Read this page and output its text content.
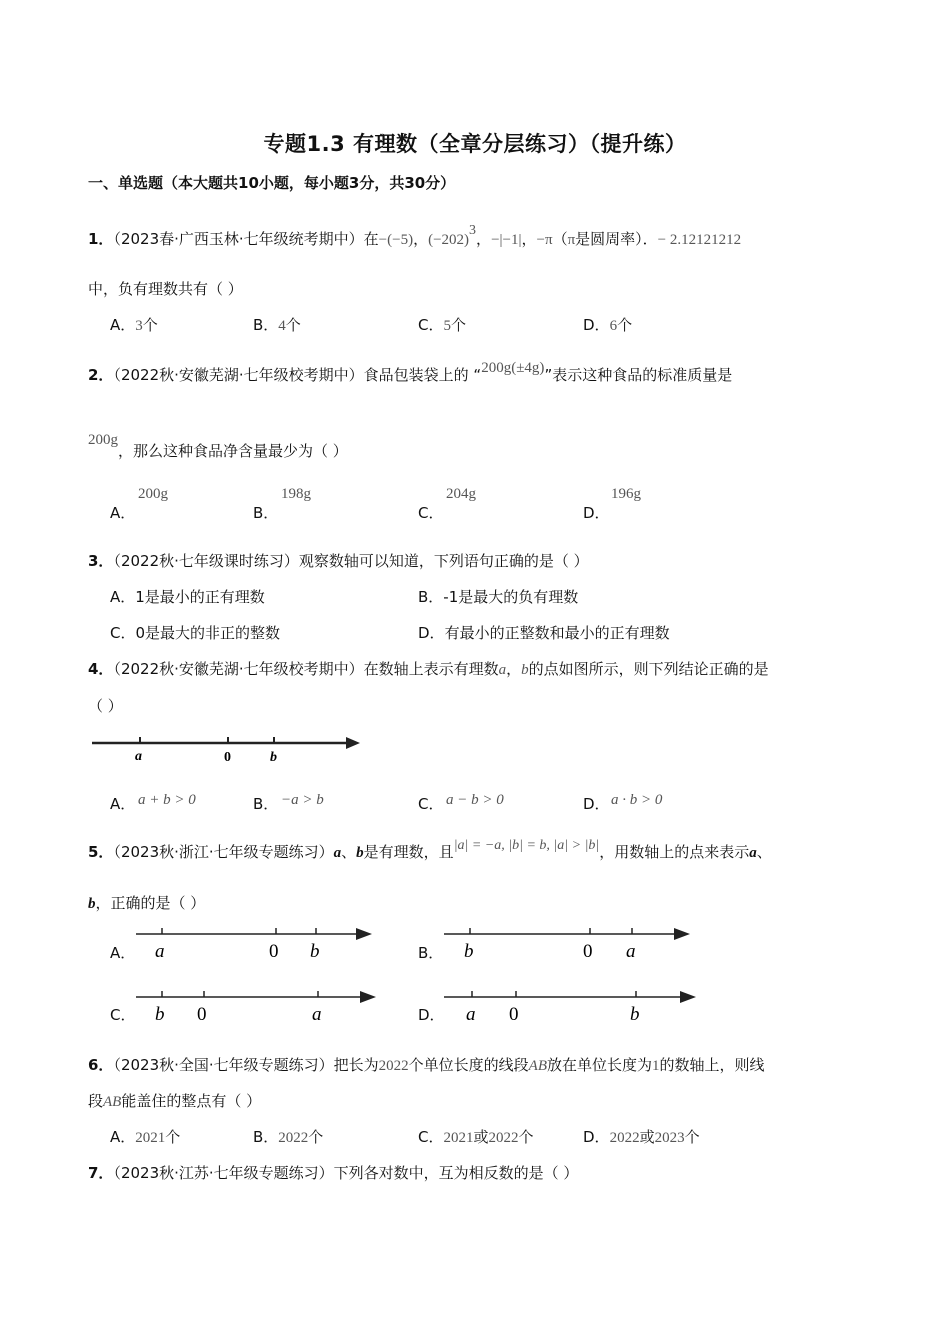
专题1.3 有理数（全章分层练习）（提升练）
一、单选题（本大题共10小题，每小题3分，共30分）
1．（2023春·广西玉林·七年级统考期中）在−(−5)，(−202)3，−|−1|，−π（π是圆周率）．− 2.12121212
中，负有理数共有（ ）
A．3个	B．4个	C．5个	D．6个
2．（2022秋·安徽芜湖·七年级校考期中）食品包装袋上的 “200g(±4g)”表示这种食品的标准质量是
200g，那么这种食品净含量最少为（ ）
A．
200g
B．
198g
C．
204g
D．
196g
3．（2022秋·七年级课时练习）观察数轴可以知道，下列语句正确的是（ ）
A．1是最小的正有理数	B．-1是最大的负有理数
C．0是最大的非正的整数	D．有最小的正整数和最小的正有理数
4．（2022秋·安徽芜湖·七年级校考期中）在数轴上表示有理数a，b的点如图所示，则下列结论正确的是
（ ）
a	0	b
A． a + b > 0	B． −a > b	C． a − b > 0	D． a · b > 0
5．（2023秋·浙江·七年级专题练习）a、b是有理数，且|a| = −a, |b| = b, |a| > |b|，用数轴上的点来表示a、
b，正确的是（ ）
A． a	0 b	B． b	0 a
C． b 0	a	D． a 0	b
6．（2023秋·全国·七年级专题练习）把长为2022个单位长度的线段AB放在单位长度为1的数轴上，则线
段AB能盖住的整点有（ ）
A．2021个	B．2022个	C．2021或2022个	D．2022或2023个
7．（2023秋·江苏·七年级专题练习）下列各对数中，互为相反数的是（ ）
